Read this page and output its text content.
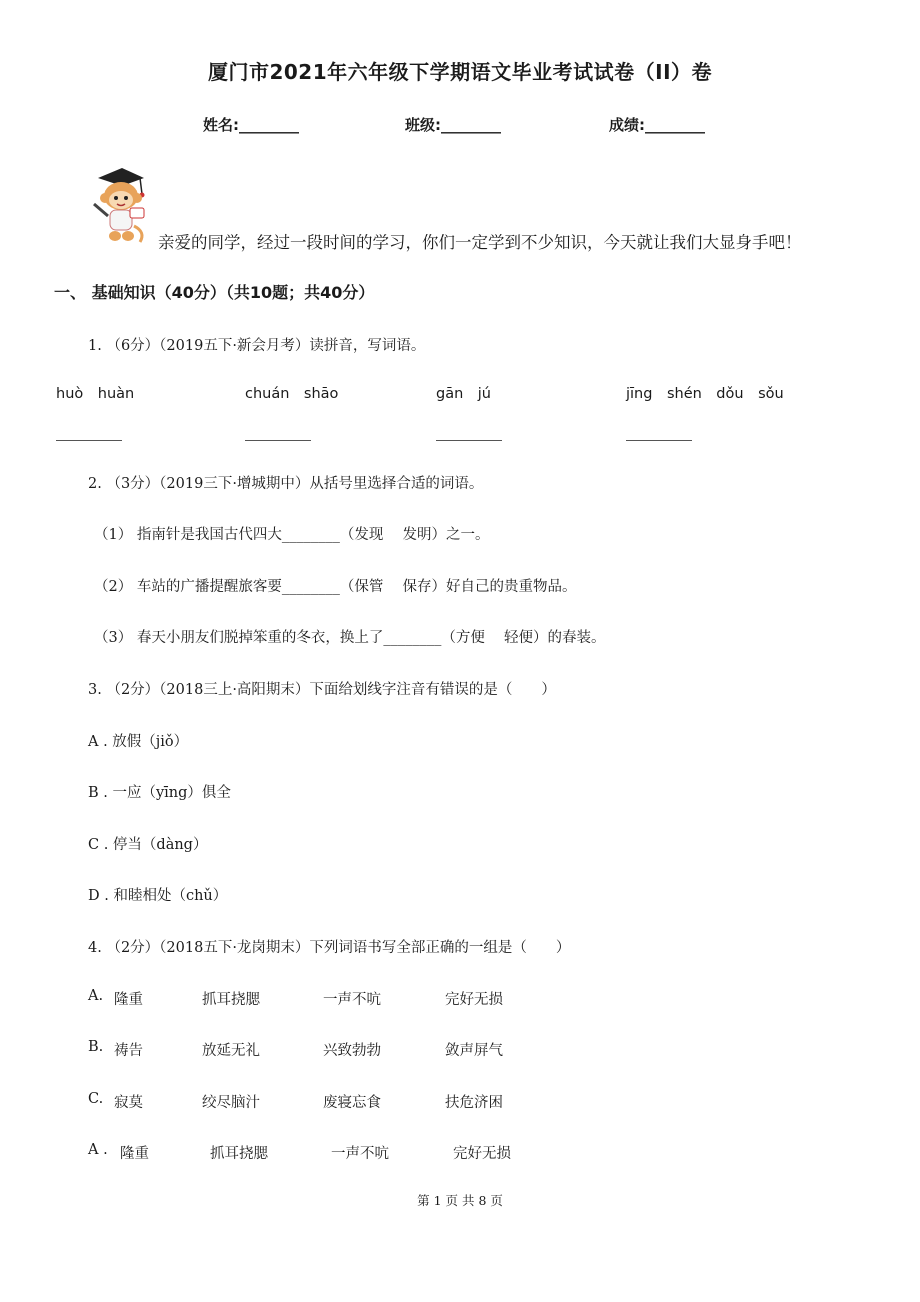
厦门市2021年六年级下学期语文毕业考试试卷（II）卷
姓名:________	班级:________	成绩:________
亲爱的同学，经过一段时间的学习，你们一定学到不少知识，今天就让我们大显身手吧！
一、 基础知识（40分）（共10题；共40分）
1. （6分）（2019五下·新会月考）读拼音，写词语。
huò　huàn	chuán　shāo	gān　jú	jīng　shén　dǒu　sǒu
2. （3分）（2019三下·增城期中）从括号里选择合适的词语。
（1） 指南针是我国古代四大________（发现　 发明）之一。
（2） 车站的广播提醒旅客要________（保管　 保存）好自己的贵重物品。
（3） 春天小朋友们脱掉笨重的冬衣，换上了________（方便　 轻便）的春装。
3. （2分）（2018三上·高阳期末）下面给划线字注音有错误的是（　　）
A . 放假（jiǒ）
B . 一应（yīng）俱全
C . 停当（dàng）
D . 和睦相处（chǔ）
4. （2分）（2018五下·龙岗期末）下列词语书写全部正确的一组是（　　）
A. 隆重	抓耳挠腮	一声不吭	完好无损
B. 祷告	放延无礼	兴致勃勃	敛声屏气
C. 寂莫	绞尽脑汁	废寝忘食	扶危济困
A . 隆重	抓耳挠腮	一声不吭	完好无损
第 1 页 共 8 页
